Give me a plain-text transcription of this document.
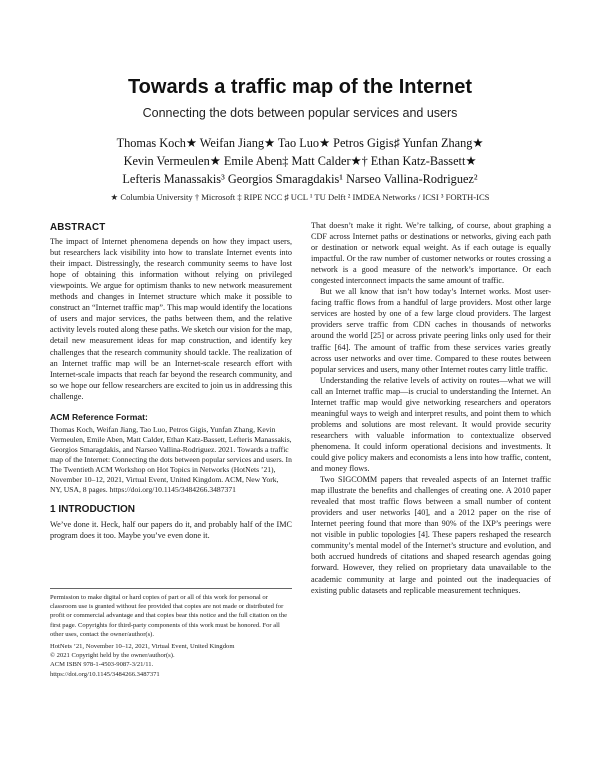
Towards a traffic map of the Internet
Connecting the dots between popular services and users
Thomas Koch★ Weifan Jiang★ Tao Luo★ Petros Gigis♯ Yunfan Zhang★
Kevin Vermeulen★ Emile Aben‡ Matt Calder★† Ethan Katz-Bassett★
Lefteris Manassakis³ Georgios Smaragdakis¹ Narseo Vallina-Rodriguez²
★ Columbia University † Microsoft ‡ RIPE NCC ♯ UCL ¹ TU Delft ² IMDEA Networks / ICSI ³ FORTH-ICS
ABSTRACT

The impact of Internet phenomena depends on how they impact users, but researchers lack visibility into how to translate Internet events into their impact. Distressingly, the research community seems to have lost hope of obtaining this information without relying on privileged viewpoints. We argue for optimism thanks to new network measurement methods and changes in Internet structure which make it possible to construct an “Internet traffic map”. This map would identify the locations of users and major services, the paths between them, and the relative activity levels routed along these paths. We sketch our vision for the map, detail new measurement ideas for map construction, and identify key challenges that the research community should tackle. The realization of an Internet traffic map will be an Internet-scale research effort with Internet-scale impacts that reach far beyond the research community, and so we hope our fellow researchers are excited to join us in addressing this challenge.

ACM Reference Format:

Thomas Koch, Weifan Jiang, Tao Luo, Petros Gigis, Yunfan Zhang, Kevin Vermeulen, Emile Aben, Matt Calder, Ethan Katz-Bassett, Lefteris Manassakis, Georgios Smaragdakis, and Narseo Vallina-Rodriguez. 2021. Towards a traffic map of the Internet: Connecting the dots between popular services and users. In The Twentieth ACM Workshop on Hot Topics in Networks (HotNets ’21), November 10–12, 2021, Virtual Event, United Kingdom. ACM, New York, NY, USA, 8 pages. https://doi.org/10.1145/3484266.3487371

1 INTRODUCTION

We’ve done it. Heck, half our papers do it, and probably half of the IMC program does it too. Maybe you’ve even done it.

Permission to make digital or hard copies of part or all of this work for personal or classroom use is granted without fee provided that copies are not made or distributed for profit or commercial advantage and that copies bear this notice and the full citation on the first page. Copyrights for third-party components of this work must be honored. For all other uses, contact the owner/author(s).

HotNets ’21, November 10–12, 2021, Virtual Event, United Kingdom

© 2021 Copyright held by the owner/author(s).

ACM ISBN 978-1-4503-9087-3/21/11.

https://doi.org/10.1145/3484266.3487371

That doesn’t make it right. We’re talking, of course, about graphing a CDF across Internet paths or destinations or networks, giving each path or destination or network equal weight. As if each outage is equally impactful. Or the raw number of customer networks or routes crossing a network is a good measure of the network’s importance. Or each congested interconnect impacts the same amount of traffic.

But we all know that isn’t how today’s Internet works. Most user-facing traffic flows from a handful of large providers. Most other large services are hosted by one of a few large cloud providers. The largest providers serve traffic from CDN caches in thousands of networks around the world [25] or across private peering links only used for their traffic [64]. The amount of traffic from these services varies greatly across user networks and over time. Compared to these routes between popular services and users, many other Internet routes carry little traffic.

Understanding the relative levels of activity on routes—what we will call an Internet traffic map—is crucial to understanding the Internet. An Internet traffic map would give networking researchers and operators meaningful ways to weigh and interpret results, and point them to which problems and solutions are most relevant. It would provide security researchers with valuable information to contextualize observed phenomena. It could inform operational decisions and investments. It could give policy makers and economists a lens into how traffic, content, and money flows.

Two SIGCOMM papers that revealed aspects of an Internet traffic map illustrate the benefits and challenges of creating one. A 2010 paper revealed that most traffic flows between a small number of content providers and user networks [40], and a 2012 paper on the rise of Internet peering found that more than 90% of the IXP’s peerings were not visible in public topologies [4]. These papers reshaped the research community’s mental model of the Internet’s structure and evolution, and both accrued hundreds of citations and shaped research agendas going forward. However, they relied on proprietary data unavailable to the academic community at large and pointed out the inadequacies of existing public datasets and replicable measurement techniques.
